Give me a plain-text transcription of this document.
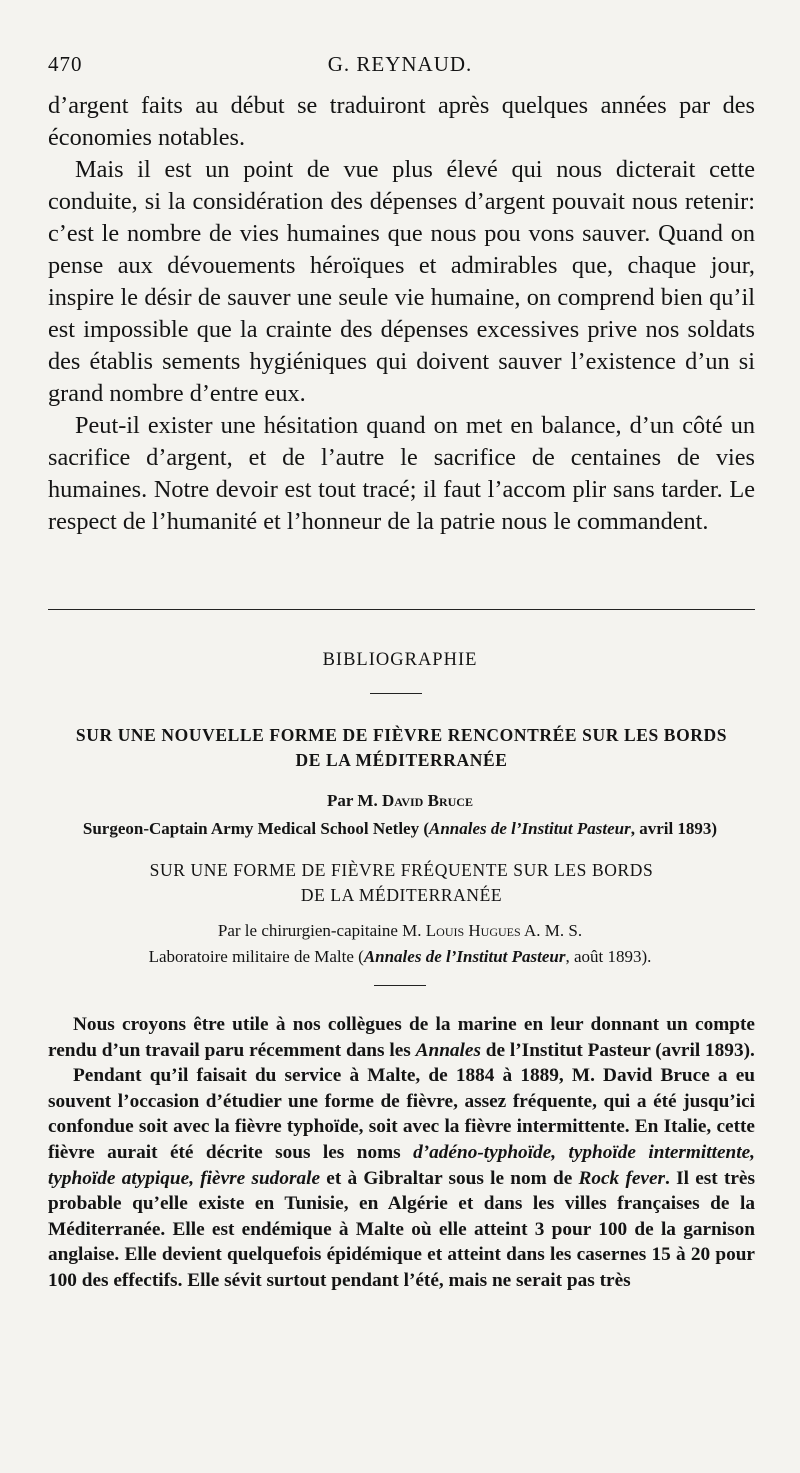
470	G. REYNAUD.

d’argent faits au début se traduiront après quelques années par des économies notables.

Mais il est un point de vue plus élevé qui nous dicterait cette conduite, si la considération des dépenses d’argent pouvait nous retenir: c’est le nombre de vies humaines que nous pou vons sauver. Quand on pense aux dévouements héroïques et admirables que, chaque jour, inspire le désir de sauver une seule vie humaine, on comprend bien qu’il est impossible que la crainte des dépenses excessives prive nos soldats des établis sements hygiéniques qui doivent sauver l’existence d’un si grand nombre d’entre eux.

Peut-il exister une hésitation quand on met en balance, d’un côté un sacrifice d’argent, et de l’autre le sacrifice de centaines de vies humaines. Notre devoir est tout tracé; il faut l’accom plir sans tarder. Le respect de l’humanité et l’honneur de la patrie nous le commandent.

BIBLIOGRAPHIE
SUR UNE NOUVELLE FORME DE FIÈVRE RENCONTRÉE SUR LES BORDS
DE LA MÉDITERRANÉE
Par M. David Bruce
Surgeon-Captain Army Medical School Netley (Annales de l’Institut Pasteur, avril 1893)
SUR UNE FORME DE FIÈVRE FRÉQUENTE SUR LES BORDS
DE LA MÉDITERRANÉE
Par le chirurgien-capitaine M. Louis Hugues A. M. S.
Laboratoire militaire de Malte (Annales de l’Institut Pasteur, août 1893).

Nous croyons être utile à nos collègues de la marine en leur donnant un compte rendu d’un travail paru récemment dans les Annales de l’Institut Pasteur (avril 1893).

Pendant qu’il faisait du service à Malte, de 1884 à 1889, M. David Bruce a eu souvent l’occasion d’étudier une forme de fièvre, assez fréquente, qui a été jusqu’ici confondue soit avec la fièvre typhoïde, soit avec la fièvre intermittente. En Italie, cette fièvre aurait été décrite sous les noms d’adéno-typhoïde, typhoïde intermittente, typhoïde atypique, fièvre sudorale et à Gibraltar sous le nom de Rock fever. Il est très probable qu’elle existe en Tunisie, en Algérie et dans les villes françaises de la Méditerranée. Elle est endémique à Malte où elle atteint 3 pour 100 de la garnison anglaise. Elle devient quelquefois épidémique et atteint dans les casernes 15 à 20 pour 100 des effectifs. Elle sévit surtout pendant l’été, mais ne serait pas très
